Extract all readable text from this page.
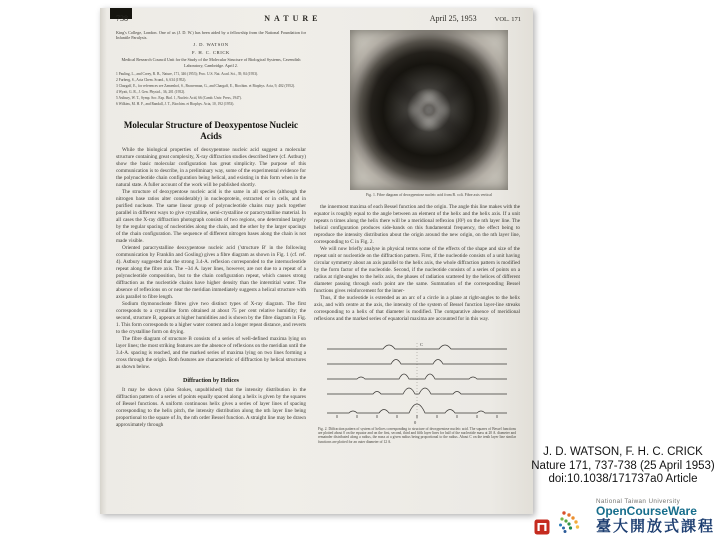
738	NATURE	April 25, 1953	VOL. 171
King's College, London. One of us (J. D. W.) has been aided by a fellowship from the National Foundation for Infantile Paralysis.
J. D. WATSON
F. H. C. CRICK
Medical Research Council Unit for the Study of the Molecular Structure of Biological Systems, Cavendish Laboratory, Cambridge. April 2.
1 Pauling, L., and Corey, R. B., Nature, 171, 346 (1953); Proc. U.S. Nat. Acad. Sci., 39, 84 (1953).
2 Furberg, S., Acta Chem. Scand., 6, 634 (1952).
3 Chargaff, E., for references see Zamenhof, S., Brawerman, G., and Chargaff, E., Biochim. et Biophys. Acta, 9, 402 (1952).
4 Wyatt, G. R., J. Gen. Physiol., 36, 201 (1952).
5 Astbury, W. T., Symp. Soc. Exp. Biol. 1, Nucleic Acid, 66 (Camb. Univ. Press, 1947).
6 Wilkins, M. H. F., and Randall, J. T., Biochim. et Biophys. Acta, 10, 192 (1953).
Molecular Structure of Deoxypentose Nucleic Acids

While the biological properties of deoxypentose nucleic acid suggest a molecular structure containing great complexity, X-ray diffraction studies described here (cf. Astbury) show the basic molecular configuration has great simplicity. The purpose of this communication is to describe, in a preliminary way, some of the experimental evidence for the polynucleotide chain configuration being helical, and existing in this form when in the natural state. A fuller account of the work will be published shortly.

The structure of deoxypentose nucleic acid is the same in all species (although the nitrogen base ratios alter considerably) in nucleoprotein, extracted or in cells, and in purified nucleate. The same linear group of polynucleotide chains may pack together parallel in different ways to give crystalline, semi-crystalline or paracrystalline material. In all cases the X-ray diffraction photograph consists of two regions, one determined largely by the regular spacing of nucleotides along the chain, and the other by the larger spacings of the chain configuration. The sequence of different nitrogen bases along the chain is not made visible.

Oriented paracrystalline deoxypentose nucleic acid ('structure B' in the following communication by Franklin and Gosling) gives a fibre diagram as shown in Fig. 1 (cf. ref. 4). Astbury suggested that the strong 3.4-A. reflexion corresponded to the internucleotide repeat along the fibre axis. The ~34 A. layer lines, however, are not due to a repeat of a polynucleotide composition, but to the chain configuration repeat, which causes strong diffraction as the nucleotide chains have higher density than the interstitial water. The absence of reflexions on or near the meridian immediately suggests a helical structure with axis parallel to fibre length.

Sodium thymonucleate fibres give two distinct types of X-ray diagram. The first corresponds to a crystalline form obtained at about 75 per cent relative humidity; the second, structure B, appears at higher humidities and is shown by the fibre diagram in Fig. 1. This form corresponds to a higher water content and a longer repeat distance, and reverts to the crystalline form on drying.

The fibre diagram of structure B consists of a series of well-defined maxima lying on layer lines; the most striking features are the absence of reflexions on the meridian until the 3.4-A. spacing is reached, and the marked series of maxima lying on two lines forming a cross through the origin. Both features are characteristic of diffraction by helical structures as shown below.

Diffraction by Helices

It may be shown (also Stokes, unpublished) that the intensity distribution in the diffraction pattern of a series of points equally spaced along a helix is given by the squares of Bessel functions. A uniform continuous helix gives a series of layer lines of spacing corresponding to the helix pitch, the intensity distribution along the nth layer line being proportional to the square of Jn, the nth order Bessel function. A straight line may be drawn approximately through

Fig. 1. Fibre diagram of deoxypentose nucleic acid from B. coli. Fibre axis vertical

the innermost maxima of each Bessel function and the origin. The angle this line makes with the equator is roughly equal to the angle between an element of the helix and the helix axis. If a unit repeats n times along the helix there will be a meridional reflexion (J0²) on the nth layer line. The helical configuration produces side-bands on this fundamental frequency, the effect being to reproduce the intensity distribution about the origin around the new origin, on the nth layer line, corresponding to C in Fig. 2.

We will now briefly analyse in physical terms some of the effects of the shape and size of the repeat unit or nucleotide on the diffraction pattern. First, if the nucleotide consists of a unit having circular symmetry about an axis parallel to the helix axis, the whole diffraction pattern is modified by the form factor of the nucleotide. Second, if the nucleotide consists of a series of points on a radius at right-angles to the helix axis, the phases of radiation scattered by the helices of different diameter passing through each point are the same. Summation of the corresponding Bessel functions gives reinforcement for the inner-

Thus, if the nucleotide is extended as an arc of a circle in a plane at right-angles to the helix axis, and with centre at the axis, the intensity of the system of Bessel function layer-line streaks corresponding to a helix of that diameter is modified. The comparative absence of meridional reflexions and the marked series of equatorial maxima are accounted for in this way.

C
0
Fig. 2. Diffraction pattern of system of helices corresponding to structure of deoxypentose nucleic acid. The squares of Bessel functions are plotted about 0 on the equator and on the first, second, third and fifth layer lines for half of the nucleotide mass at 20 A. diameter and remainder distributed along a radius, the mass at a given radius being proportional to the radius. About C on the tenth layer line similar functions are plotted for an outer diameter of 12 A.
J. D. WATSON, F. H. C. CRICK
Nature 171, 737-738 (25 April 1953)
doi:10.1038/171737a0 Article
National Taiwan University
OpenCourseWare
臺大開放式課程
